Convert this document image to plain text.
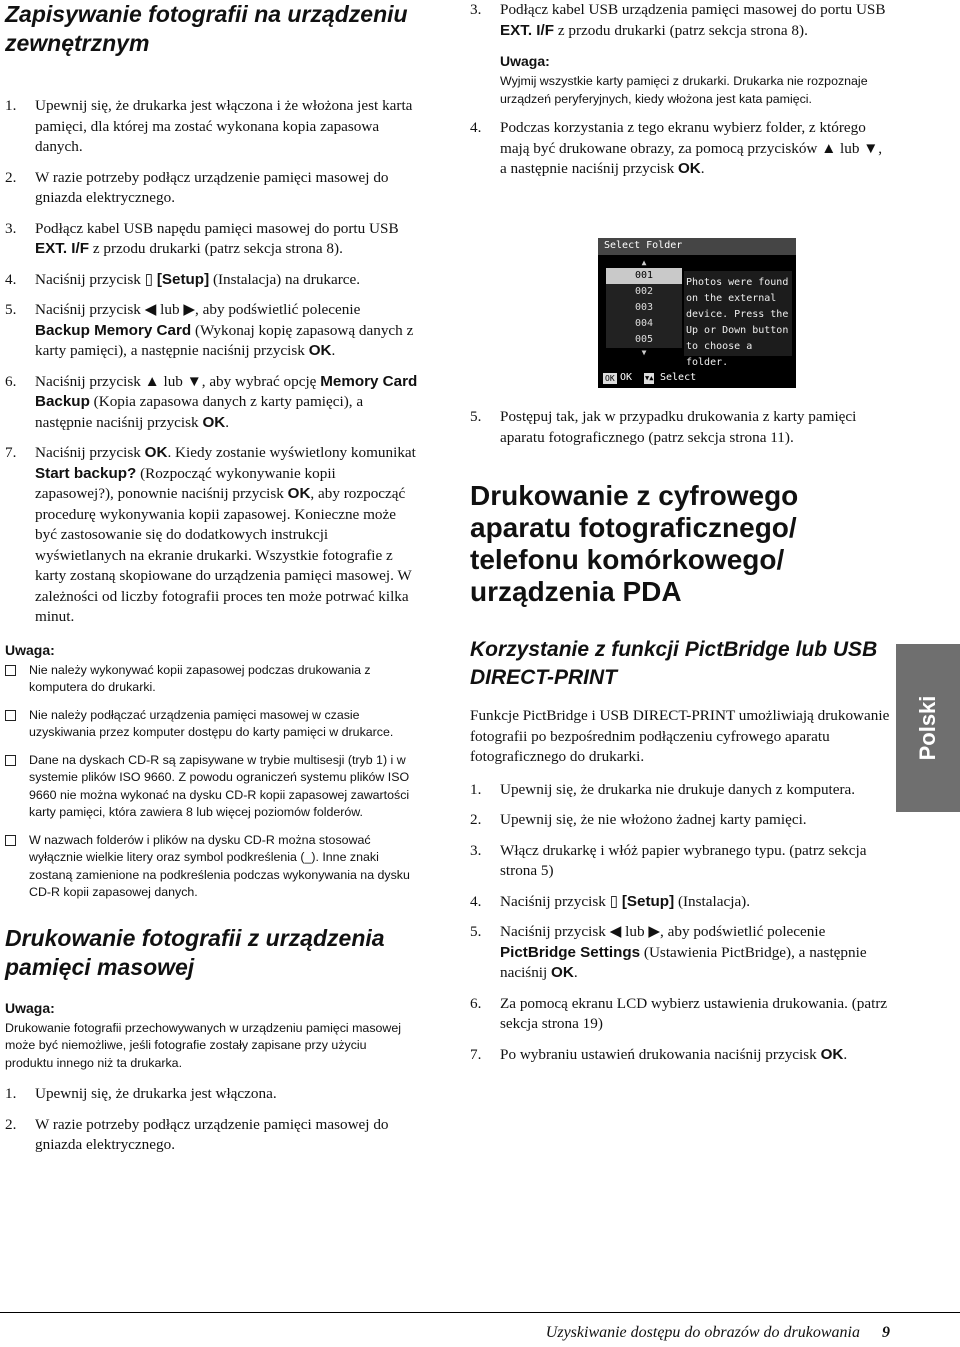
Zapisywanie fotografii na urządzeniu zewnętrznym
1. Upewnij się, że drukarka jest włączona i że włożona jest karta pamięci, dla której ma zostać wykonana kopia zapasowa danych.
2. W razie potrzeby podłącz urządzenie pamięci masowej do gniazda elektrycznego.
3. Podłącz kabel USB napędu pamięci masowej do portu USB EXT. I/F z przodu drukarki (patrz sekcja strona 8).
4. Naciśnij przycisk ▯ [Setup] (Instalacja) na drukarce.
5. Naciśnij przycisk ◀ lub ▶, aby podświetlić polecenie Backup Memory Card (Wykonaj kopię zapasową danych z karty pamięci), a następnie naciśnij przycisk OK.
6. Naciśnij przycisk ▲ lub ▼, aby wybrać opcję Memory Card Backup (Kopia zapasowa danych z karty pamięci), a następnie naciśnij przycisk OK.
7. Naciśnij przycisk OK. Kiedy zostanie wyświetlony komunikat Start backup? (Rozpocząć wykonywanie kopii zapasowej?), ponownie naciśnij przycisk OK, aby rozpocząć procedurę wykonywania kopii zapasowej. Konieczne może być zastosowanie się do dodatkowych instrukcji wyświetlanych na ekranie drukarki. Wszystkie fotografie z karty zostaną skopiowane do urządzenia pamięci masowej. W zależności od liczby fotografii proces ten może potrwać kilka minut.

Uwaga:

Nie należy wykonywać kopii zapasowej podczas drukowania z komputera do drukarki.
Nie należy podłączać urządzenia pamięci masowej w czasie uzyskiwania przez komputer dostępu do karty pamięci w drukarce.
Dane na dyskach CD-R są zapisywane w trybie multisesji (tryb 1) i w systemie plików ISO 9660. Z powodu ograniczeń systemu plików ISO 9660 nie można wykonać na dysku CD-R kopii zapasowej zawartości karty pamięci, która zawiera 8 lub więcej poziomów folderów.
W nazwach folderów i plików na dysku CD-R można stosować wyłącznie wielkie litery oraz symbol podkreślenia (_). Inne znaki zostaną zamienione na podkreślenia podczas wykonywania na dysku CD-R kopii zapasowej danych.
Drukowanie fotografii z urządzenia pamięci masowej

Uwaga:

Drukowanie fotografii przechowywanych w urządzeniu pamięci masowej może być niemożliwe, jeśli fotografie zostały zapisane przy użyciu produktu innego niż ta drukarka.

1. Upewnij się, że drukarka jest włączona.
2. W razie potrzeby podłącz urządzenie pamięci masowej do gniazda elektrycznego.
3. Podłącz kabel USB urządzenia pamięci masowej do portu USB EXT. I/F z przodu drukarki (patrz sekcja strona 8).

Uwaga:

Wyjmij wszystkie karty pamięci z drukarki. Drukarka nie rozpoznaje urządzeń peryferyjnych, kiedy włożona jest kata pamięci.

4. Podczas korzystania z tego ekranu wybierz folder, z którego mają być drukowane obrazy, za pomocą przycisków ▲ lub ▼, a następnie naciśnij przycisk OK.
Select Folder
▲
001
002
003
004
005
▼
Photos were found
on the external
device. Press the
Up or Down button
to choose a folder.
OK OK ▼▲ Select
5. Postępuj tak, jak w przypadku drukowania z karty pamięci aparatu fotograficznego (patrz sekcja strona 11).
Drukowanie z cyfrowego aparatu fotograficznego/ telefonu komórkowego/ urządzenia PDA
Korzystanie z funkcji PictBridge lub USB DIRECT-PRINT

Funkcje PictBridge i USB DIRECT-PRINT umożliwiają drukowanie fotografii po bezpośrednim podłączeniu cyfrowego aparatu fotograficznego do drukarki.

1. Upewnij się, że drukarka nie drukuje danych z komputera.
2. Upewnij się, że nie włożono żadnej karty pamięci.
3. Włącz drukarkę i włóż papier wybranego typu. (patrz sekcja strona 5)
4. Naciśnij przycisk ▯ [Setup] (Instalacja).
5. Naciśnij przycisk ◀ lub ▶, aby podświetlić polecenie PictBridge Settings (Ustawienia PictBridge), a następnie naciśnij OK.
6. Za pomocą ekranu LCD wybierz ustawienia drukowania. (patrz sekcja strona 19)
7. Po wybraniu ustawień drukowania naciśnij przycisk OK.
Polski
Uzyskiwanie dostępu do obrazów do drukowania 9
